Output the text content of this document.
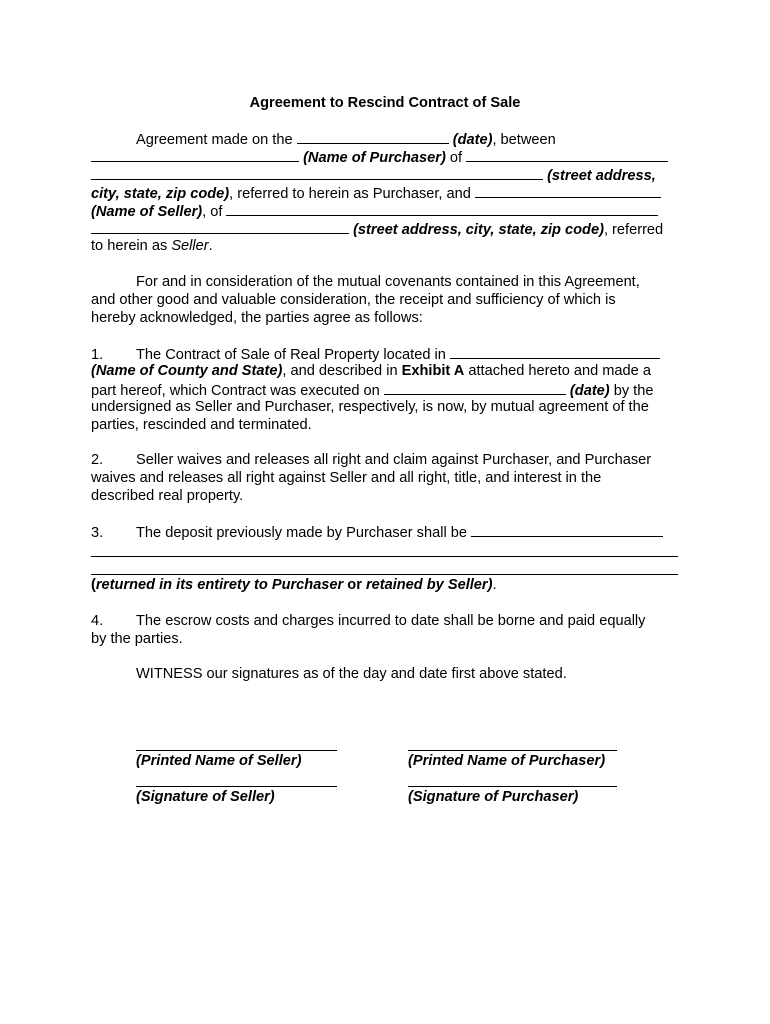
Agreement to Rescind Contract of Sale
Agreement made on the	(date), between
(Name of Purchaser) of
(street address,
city, state, zip code), referred to herein as Purchaser, and
(Name of Seller), of
(street address, city, state, zip code), referred
to herein as Seller.
For and in consideration of the mutual covenants contained in this Agreement,
and other good and valuable consideration, the receipt and sufficiency of which is
hereby acknowledged, the parties agree as follows:
1. The Contract of Sale of Real Property located in
(Name of County and State), and described in Exhibit A attached hereto and made a
part hereof, which Contract was executed on	(date) by the
undersigned as Seller and Purchaser, respectively, is now, by mutual agreement of the
parties, rescinded and terminated.
2. Seller waives and releases all right and claim against Purchaser, and Purchaser
waives and releases all right against Seller and all right, title, and interest in the
described real property.
3. The deposit previously made by Purchaser shall be
(returned in its entirety to Purchaser or retained by Seller).
4. The escrow costs and charges incurred to date shall be borne and paid equally
by the parties.
WITNESS our signatures as of the day and date first above stated.
(Printed Name of Seller)	(Printed Name of Purchaser)
(Signature of Seller)	(Signature of Purchaser)
